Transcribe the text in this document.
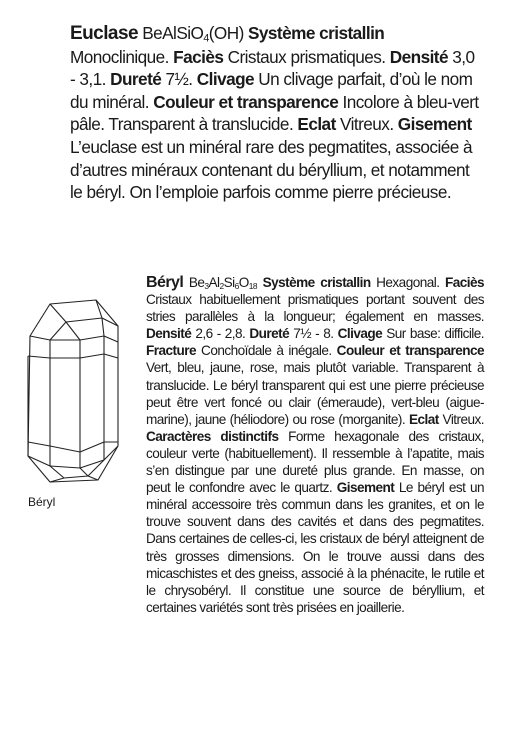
Euclase BeAlSiO$_4$(OH) Système cristallin Monoclinique. Faciès Cristaux prismatiques. Densité 3,0 - 3,1. Dureté 7½. Clivage Un clivage parfait, d’où le nom du minéral. Couleur et transparence Incolore à bleu-vert pâle. Transparent à translucide. Eclat Vitreux. Gisement L’euclase est un minéral rare des pegmatites, associée à d’autres minéraux contenant du béryllium, et notamment le béryl. On l’emploie parfois comme pierre précieuse.

Béryl

Béryl $Be_3Al_2Si_6O_{18}$ Système cristallin Hexagonal. Faciès Cristaux habituellement prismatiques portant souvent des stries parallèles à la longueur; également en masses. Densité 2,6 - 2,8. Dureté 7½ - 8. Clivage Sur base: difficile. Fracture Conchoïdale à inégale. Couleur et transparence Vert, bleu, jaune, rose, mais plutôt variable. Transparent à translucide. Le béryl transparent qui est une pierre précieuse peut être vert foncé ou clair (émeraude), vert-bleu (aigue-marine), jaune (héliodore) ou rose (morganite). Eclat Vitreux. Caractères distinctifs Forme hexagonale des cristaux, couleur verte (habituellement). Il ressemble à l’apatite, mais s’en distingue par une dureté plus grande. En masse, on peut le confondre avec le quartz. Gisement Le béryl est un minéral accessoire très commun dans les granites, et on le trouve souvent dans des cavités et dans des pegmatites. Dans certaines de celles-ci, les cristaux de béryl atteignent de très grosses dimensions. On le trouve aussi dans des micaschistes et des gneiss, associé à la phénacite, le rutile et le chrysobéryl. Il constitue une source de béryllium, et certaines variétés sont très prisées en joaillerie.
